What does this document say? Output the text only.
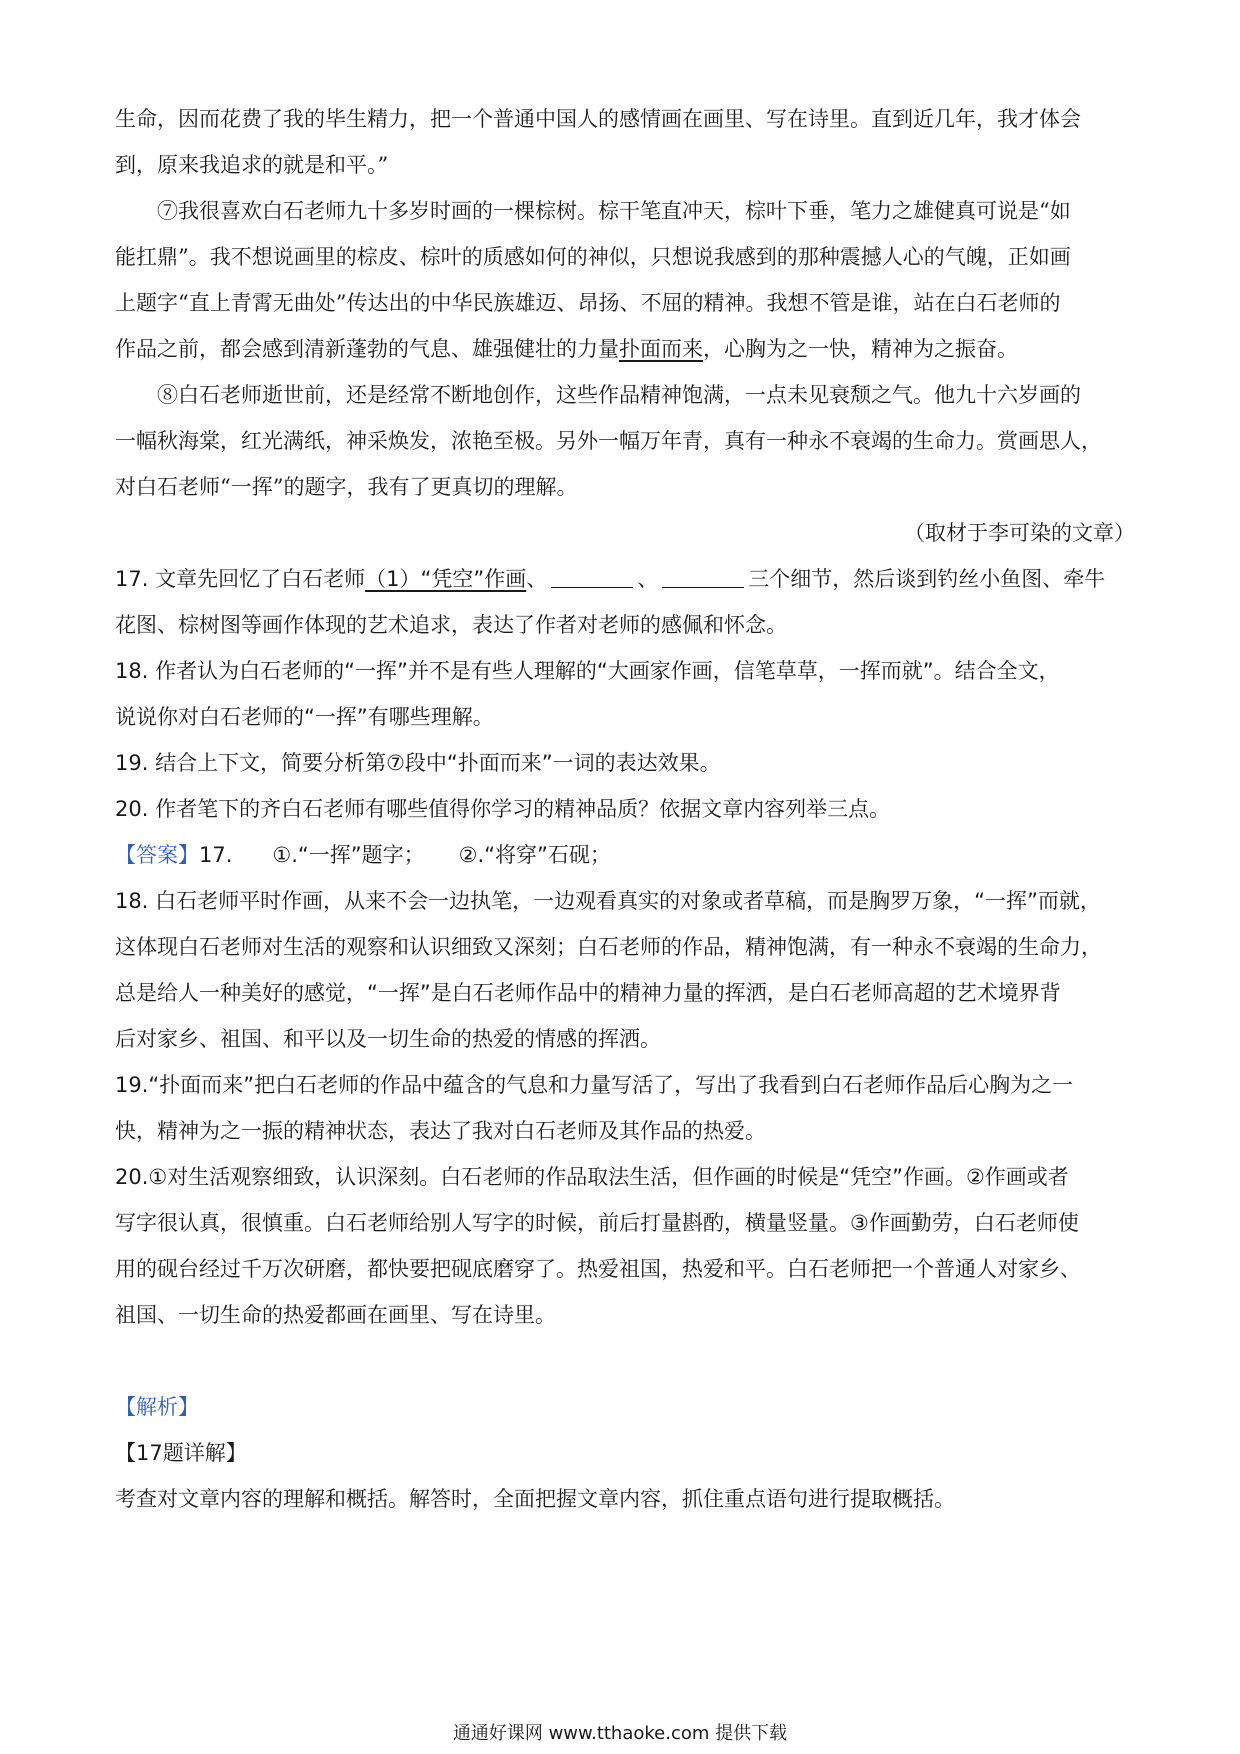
生命，因而花费了我的毕生精力，把一个普通中国人的感情画在画里、写在诗里。直到近几年，我才体会
到，原来我追求的就是和平。”
⑦我很喜欢白石老师九十多岁时画的一棵棕树。棕干笔直冲天，棕叶下垂，笔力之雄健真可说是“如
能扛鼎”。我不想说画里的棕皮、棕叶的质感如何的神似，只想说我感到的那种震撼人心的气魄，正如画
上题字“直上青霄无曲处”传达出的中华民族雄迈、昂扬、不屈的精神。我想不管是谁，站在白石老师的
作品之前，都会感到清新蓬勃的气息、雄强健壮的力量扑面而来，心胸为之一快，精神为之振奋。
⑧白石老师逝世前，还是经常不断地创作，这些作品精神饱满，一点未见衰颓之气。他九十六岁画的
一幅秋海棠，红光满纸，神采焕发，浓艳至极。另外一幅万年青，真有一种永不衰竭的生命力。赏画思人，
对白石老师“一挥”的题字，我有了更真切的理解。
（取材于李可染的文章）
17. 文章先回忆了白石老师（1）“凭空”作画、	、	三个细节，然后谈到钓丝小鱼图、牵牛
花图、棕树图等画作体现的艺术追求，表达了作者对老师的感佩和怀念。
18. 作者认为白石老师的“一挥”并不是有些人理解的“大画家作画，信笔草草，一挥而就”。结合全文，
说说你对白石老师的“一挥”有哪些理解。
19. 结合上下文，简要分析第⑦段中“扑面而来”一词的表达效果。
20. 作者笔下的齐白石老师有哪些值得你学习的精神品质？依据文章内容列举三点。
【答案】17. ①.“一挥”题字； ②.“将穿”石砚；
18. 白石老师平时作画，从来不会一边执笔，一边观看真实的对象或者草稿，而是胸罗万象，“一挥”而就，
这体现白石老师对生活的观察和认识细致又深刻；白石老师的作品，精神饱满，有一种永不衰竭的生命力，
总是给人一种美好的感觉，“一挥”是白石老师作品中的精神力量的挥洒，是白石老师高超的艺术境界背
后对家乡、祖国、和平以及一切生命的热爱的情感的挥洒。
19.“扑面而来”把白石老师的作品中蕴含的气息和力量写活了，写出了我看到白石老师作品后心胸为之一
快，精神为之一振的精神状态，表达了我对白石老师及其作品的热爱。
20.①对生活观察细致，认识深刻。白石老师的作品取法生活，但作画的时候是“凭空”作画。②作画或者
写字很认真，很慎重。白石老师给别人写字的时候，前后打量斟酌，横量竖量。③作画勤劳，白石老师使
用的砚台经过千万次研磨，都快要把砚底磨穿了。热爱祖国，热爱和平。白石老师把一个普通人对家乡、
祖国、一切生命的热爱都画在画里、写在诗里。
【解析】
【17题详解】
考查对文章内容的理解和概括。解答时，全面把握文章内容，抓住重点语句进行提取概括。
通通好课网 www.tthaoke.com 提供下载
